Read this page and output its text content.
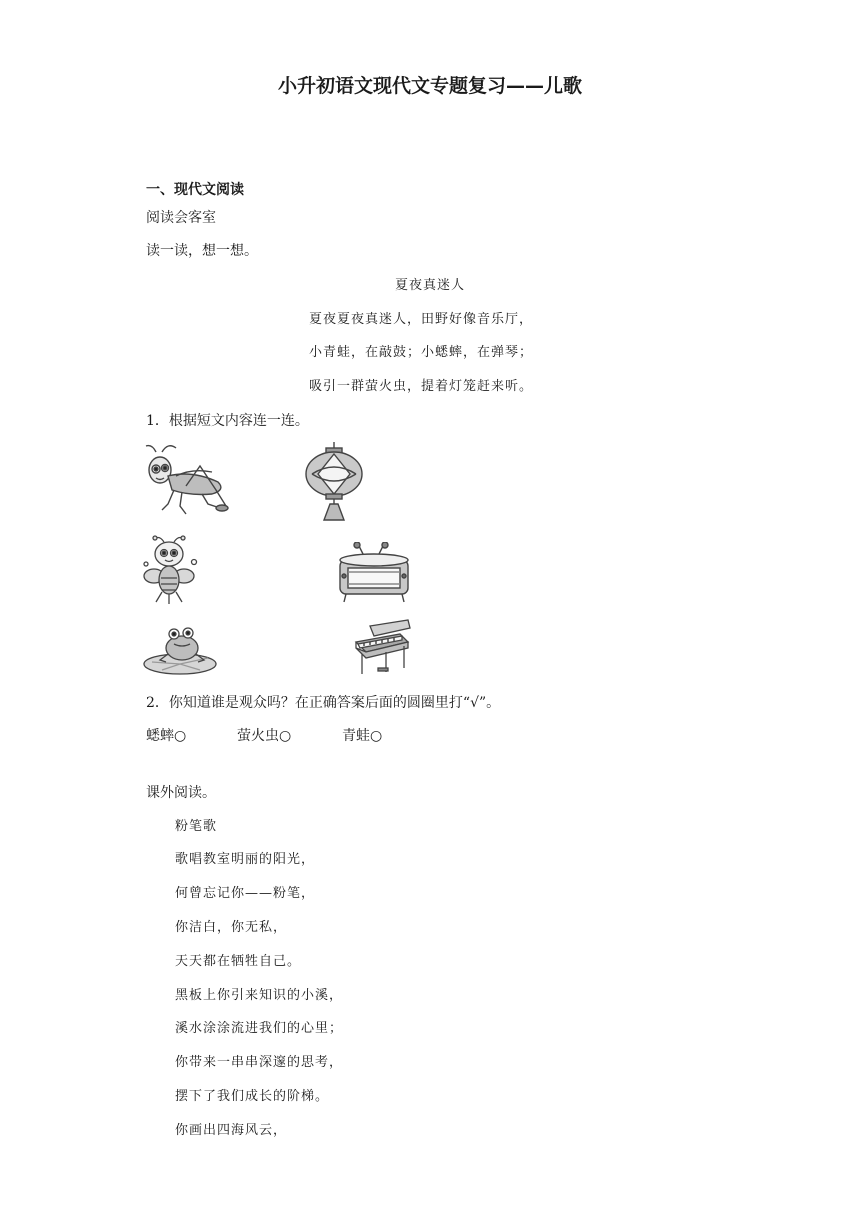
小升初语文现代文专题复习——儿歌
一、现代文阅读
阅读会客室
读一读，想一想。
夏夜真迷人
夏夜夏夜真迷人，田野好像音乐厅，
小青蛙，在敲鼓；小蟋蟀，在弹琴；
吸引一群萤火虫，提着灯笼赶来听。
1．根据短文内容连一连。
2．你知道谁是观众吗？在正确答案后面的圆圈里打“√”。
蟋蟀○	萤火虫○	青蛙○
课外阅读。
粉笔歌
歌唱教室明丽的阳光，
何曾忘记你——粉笔，
你洁白，你无私，
天天都在牺牲自己。
黑板上你引来知识的小溪，
溪水涂涂流进我们的心里；
你带来一串串深邃的思考，
摆下了我们成长的阶梯。
你画出四海风云，
